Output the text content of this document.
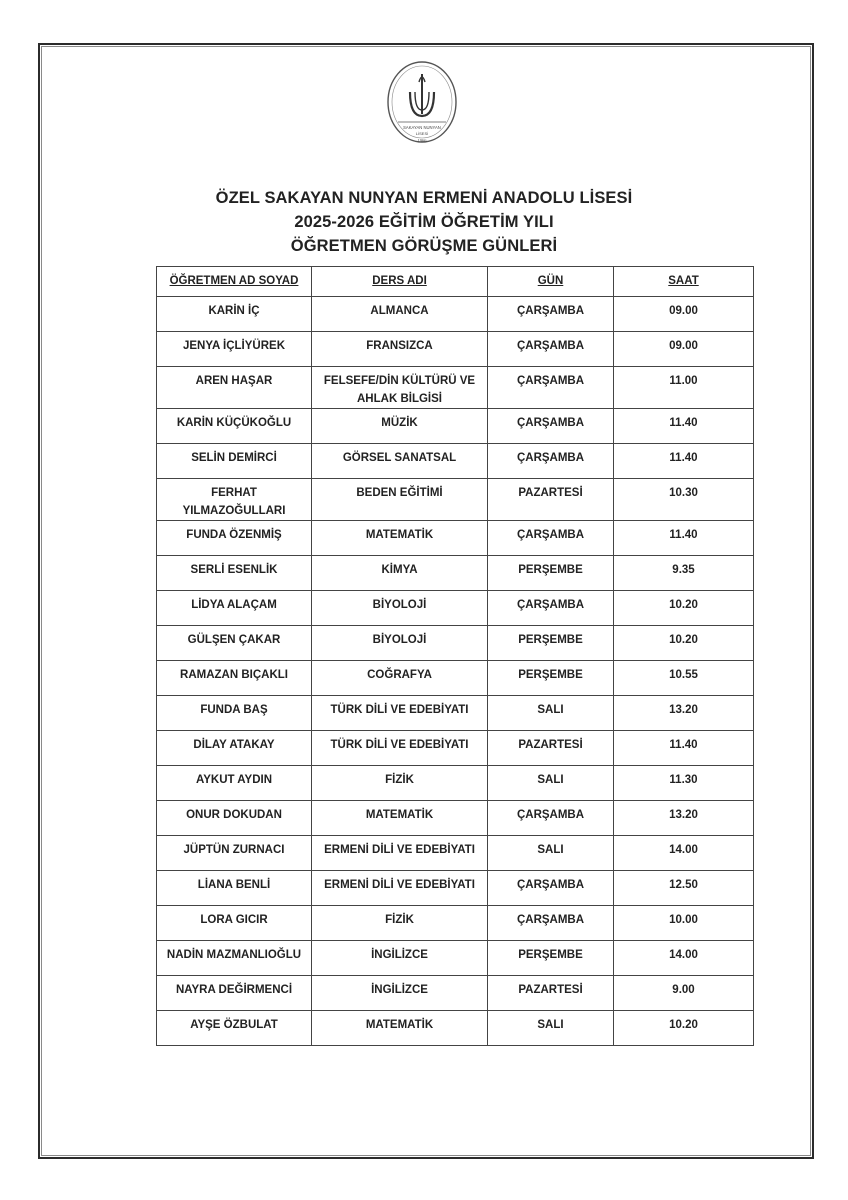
SAKAYAN NUNYAN
LİSESİ
1966
ÖZEL SAKAYAN NUNYAN ERMENİ ANADOLU LİSESİ
2025-2026 EĞİTİM ÖĞRETİM YILI
ÖĞRETMEN GÖRÜŞME GÜNLERİ
ÖĞRETMEN AD SOYAD	DERS ADI	GÜN	SAAT
KARİN İÇ	ALMANCA	ÇARŞAMBA	09.00
JENYA İÇLİYÜREK	FRANSIZCA	ÇARŞAMBA	09.00
AREN HAŞAR	FELSEFE/DİN KÜLTÜRÜ VE AHLAK BİLGİSİ	ÇARŞAMBA	11.00
KARİN KÜÇÜKOĞLU	MÜZİK	ÇARŞAMBA	11.40
SELİN DEMİRCİ	GÖRSEL SANATSAL	ÇARŞAMBA	11.40
FERHAT YILMAZOĞULLARI	BEDEN EĞİTİMİ	PAZARTESİ	10.30
FUNDA ÖZENMİŞ	MATEMATİK	ÇARŞAMBA	11.40
SERLİ ESENLİK	KİMYA	PERŞEMBE	9.35
LİDYA ALAÇAM	BİYOLOJİ	ÇARŞAMBA	10.20
GÜLŞEN ÇAKAR	BİYOLOJİ	PERŞEMBE	10.20
RAMAZAN BIÇAKLI	COĞRAFYA	PERŞEMBE	10.55
FUNDA BAŞ	TÜRK DİLİ VE EDEBİYATI	SALI	13.20
DİLAY ATAKAY	TÜRK DİLİ VE EDEBİYATI	PAZARTESİ	11.40
AYKUT AYDIN	FİZİK	SALI	11.30
ONUR DOKUDAN	MATEMATİK	ÇARŞAMBA	13.20
JÜPTÜN ZURNACI	ERMENİ DİLİ VE EDEBİYATI	SALI	14.00
LİANA BENLİ	ERMENİ DİLİ VE EDEBİYATI	ÇARŞAMBA	12.50
LORA GICIR	FİZİK	ÇARŞAMBA	10.00
NADİN MAZMANLIOĞLU	İNGİLİZCE	PERŞEMBE	14.00
NAYRA DEĞİRMENCİ	İNGİLİZCE	PAZARTESİ	9.00
AYŞE ÖZBULAT	MATEMATİK	SALI	10.20
